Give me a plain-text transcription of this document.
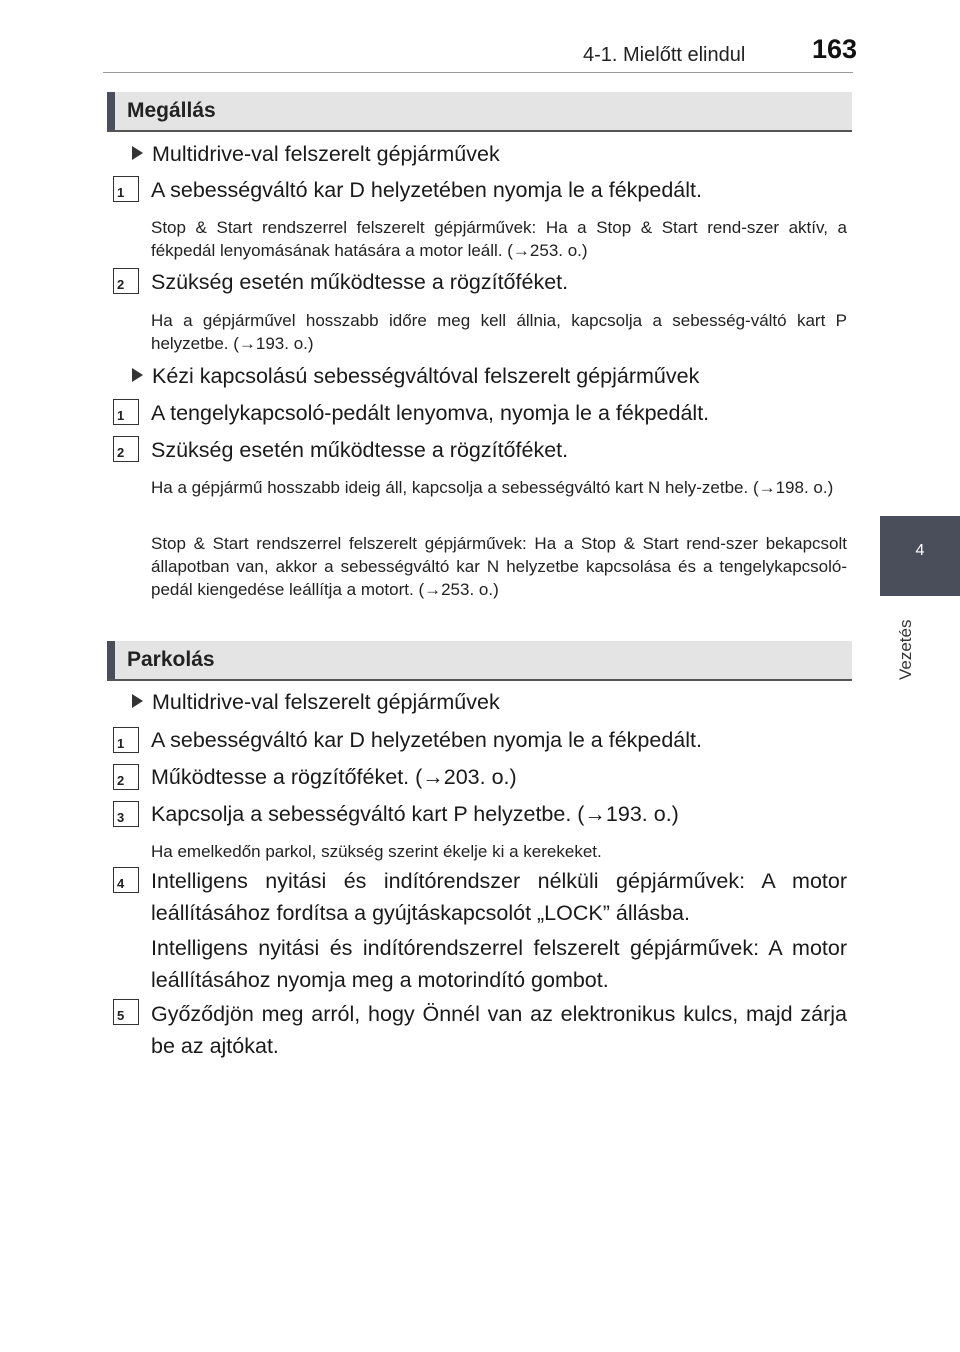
4-1. Mielőtt elindul 163
4
Vezetés
Megállás
Multidrive-val felszerelt gépjárművek
1 A sebességváltó kar D helyzetében nyomja le a fékpedált.
Stop & Start rendszerrel felszerelt gépjárművek: Ha a Stop & Start rend-szer aktív, a fékpedál lenyomásának hatására a motor leáll. (→253. o.)
2 Szükség esetén működtesse a rögzítőféket.
Ha a gépjárművel hosszabb időre meg kell állnia, kapcsolja a sebesség-váltó kart P helyzetbe. (→193. o.)
Kézi kapcsolású sebességváltóval felszerelt gépjárművek
1 A tengelykapcsoló-pedált lenyomva, nyomja le a fékpedált.
2 Szükség esetén működtesse a rögzítőféket.
Ha a gépjármű hosszabb ideig áll, kapcsolja a sebességváltó kart N hely-zetbe. (→198. o.)
Stop & Start rendszerrel felszerelt gépjárművek: Ha a Stop & Start rend-szer bekapcsolt állapotban van, akkor a sebességváltó kar N helyzetbe kapcsolása és a tengelykapcsoló-pedál kiengedése leállítja a motort. (→253. o.)
Parkolás
Multidrive-val felszerelt gépjárművek
1 A sebességváltó kar D helyzetében nyomja le a fékpedált.
2 Működtesse a rögzítőféket. (→203. o.)
3 Kapcsolja a sebességváltó kart P helyzetbe. (→193. o.)
Ha emelkedőn parkol, szükség szerint ékelje ki a kerekeket.
4 Intelligens nyitási és indítórendszer nélküli gépjárművek: A motor leállításához fordítsa a gyújtáskapcsolót „LOCK” állásba.
Intelligens nyitási és indítórendszerrel felszerelt gépjárművek: A motor leállításához nyomja meg a motorindító gombot.
5 Győződjön meg arról, hogy Önnél van az elektronikus kulcs, majd zárja be az ajtókat.
